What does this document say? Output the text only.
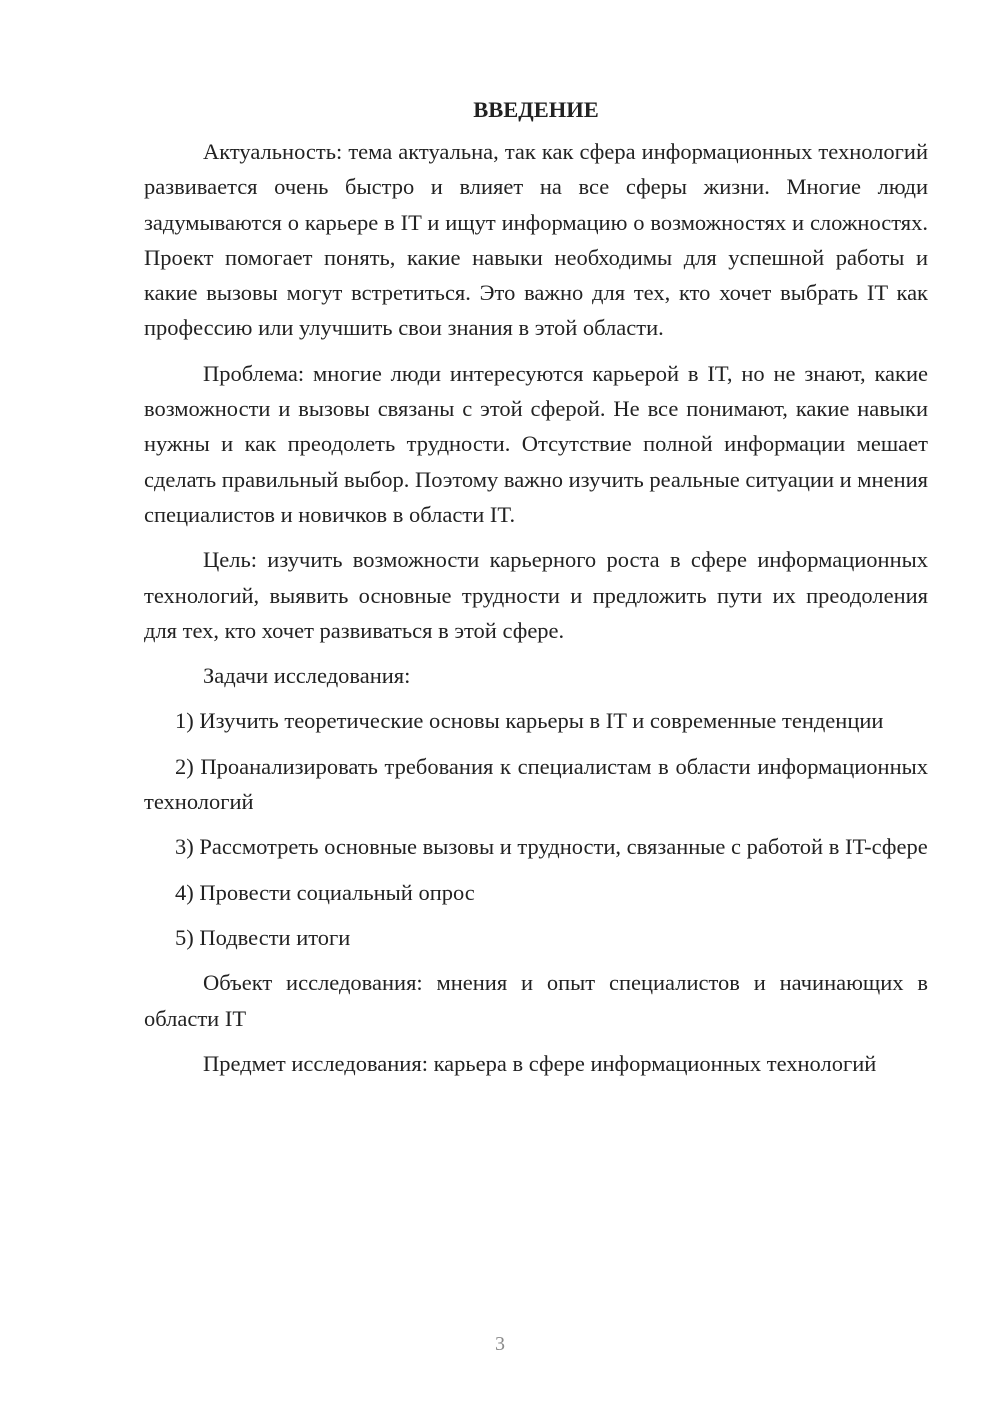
ВВЕДЕНИЕ

Актуальность: тема актуальна, так как сфера информационных технологий развивается очень быстро и влияет на все сферы жизни. Многие люди задумываются о карьере в IT и ищут информацию о возможностях и сложностях. Проект помогает понять, какие навыки необходимы для успешной работы и какие вызовы могут встретиться. Это важно для тех, кто хочет выбрать IT как профессию или улучшить свои знания в этой области.

Проблема: многие люди интересуются карьерой в IT, но не знают, какие возможности и вызовы связаны с этой сферой. Не все понимают, какие навыки нужны и как преодолеть трудности. Отсутствие полной информации мешает сделать правильный выбор. Поэтому важно изучить реальные ситуации и мнения специалистов и новичков в области IT.

Цель: изучить возможности карьерного роста в сфере информационных технологий, выявить основные трудности и предложить пути их преодоления для тех, кто хочет развиваться в этой сфере.

Задачи исследования:

1) Изучить теоретические основы карьеры в IT и современные тенденции

2) Проанализировать требования к специалистам в области информационных технологий

3) Рассмотреть основные вызовы и трудности, связанные с работой в IT-сфере

4) Провести социальный опрос

5) Подвести итоги

Объект исследования: мнения и опыт специалистов и начинающих в области IT

Предмет исследования: карьера в сфере информационных технологий

3
